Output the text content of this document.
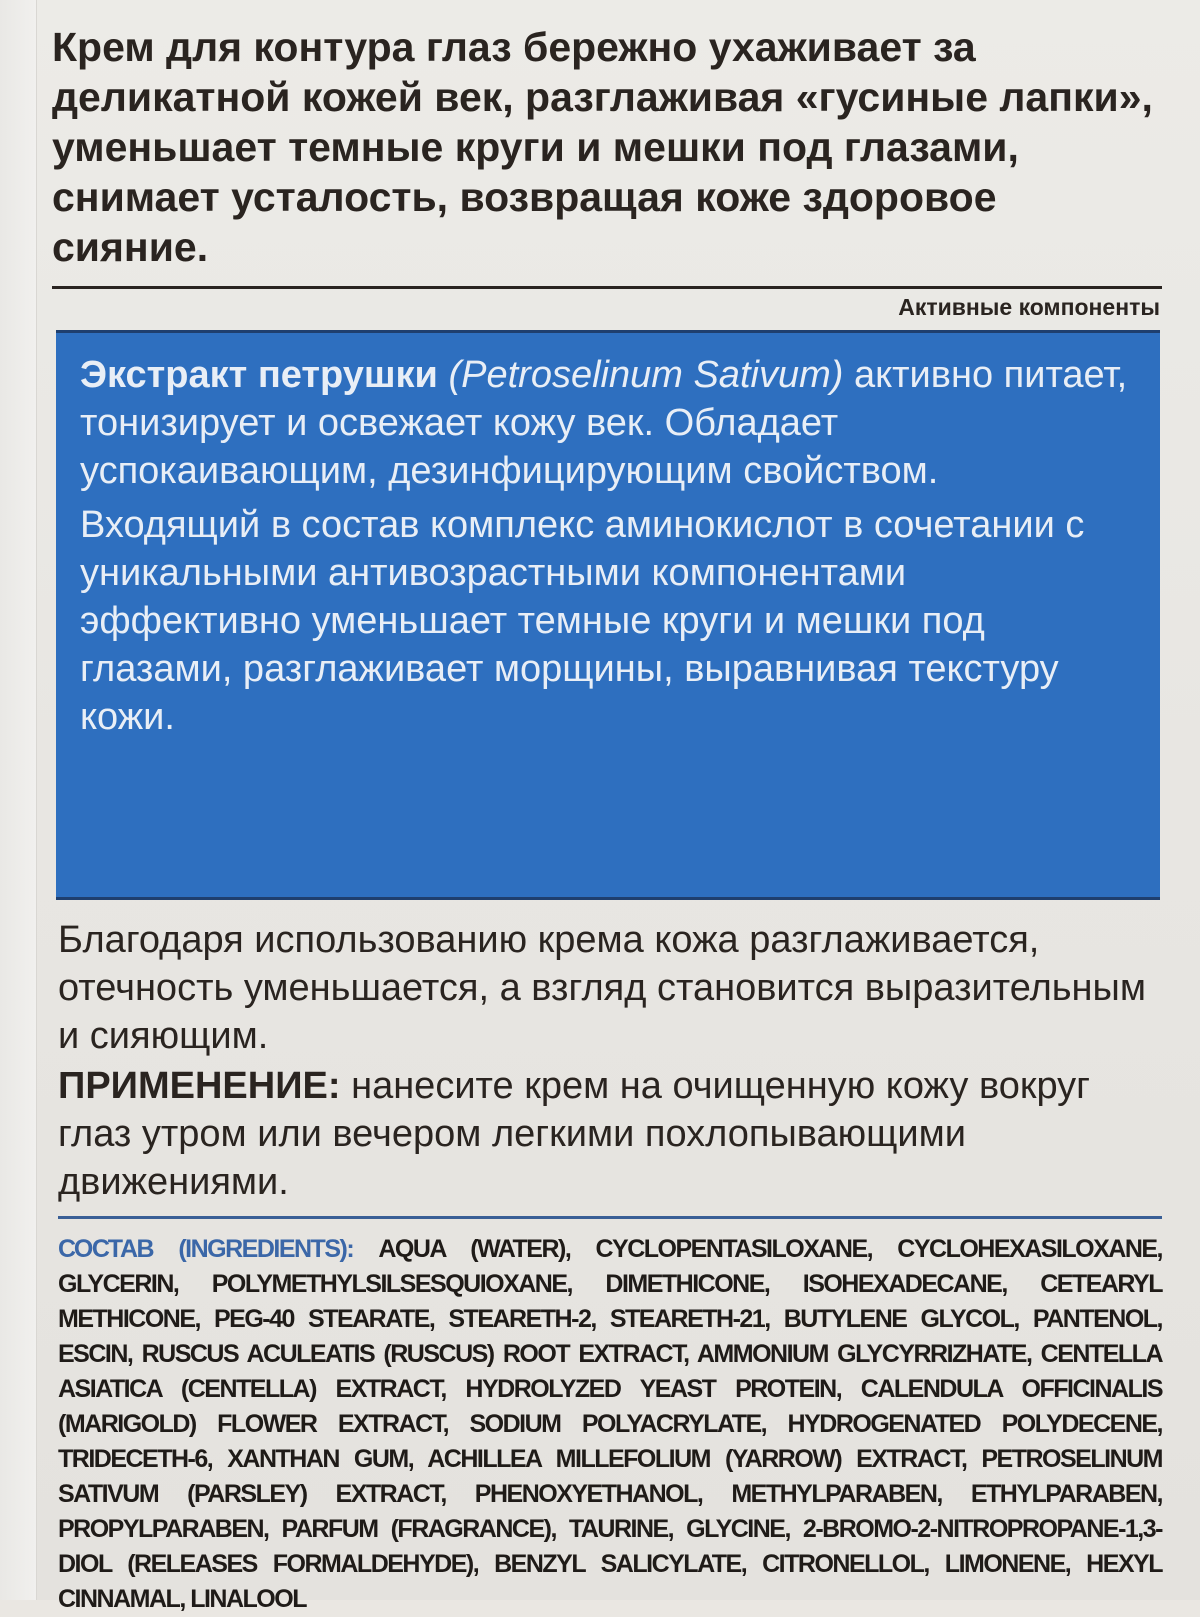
Крем для контура глаз бережно ухаживает за деликатной кожей век, разглаживая «гусиные лапки», уменьшает темные круги и мешки под глазами, снимает усталость, возвращая коже здоровое сияние.

Активные компоненты

Экстракт петрушки (Petroselinum Sativum) активно питает, тонизирует и освежает кожу век. Обладает успокаивающим, дезинфицирующим свойством.

Входящий в состав комплекс аминокислот в сочетании с уникальными антивозрастными компонентами эффективно уменьшает темные круги и мешки под глазами, разглаживает морщины, выравнивая текстуру кожи.

Благодаря использованию крема кожа разглаживается, отечность уменьшается, а взгляд становится выразительным и сияющим.

ПРИМЕНЕНИЕ: нанесите крем на очищенную кожу вокруг глаз утром или вечером легкими похлопывающими движениями.

СОСТАВ (INGREDIENTS): AQUA (WATER), CYCLOPENTASILOXANE, CYCLOHEXASILOXANE, GLYCERIN, POLYMETHYLSILSESQUIOXANE, DIMETHICONE, ISOHEXADECANE, CETEARYL METHICONE, PEG-40 STEARATE, STEARETH-2, STEARETH-21, BUTYLENE GLYCOL, PANTENOL, ESCIN, RUSCUS ACULEATIS (RUSCUS) ROOT EXTRACT, AMMONIUM GLYCYRRIZHATE, CENTELLA ASIATICA (CENTELLA) EXTRACT, HYDROLYZED YEAST PROTEIN, CALENDULA OFFICINALIS (MARIGOLD) FLOWER EXTRACT, SODIUM POLYACRYLATE, HYDROGENATED POLYDECENE, TRIDECETH-6, XANTHAN GUM, ACHILLEA MILLEFOLIUM (YARROW) EXTRACT, PETROSELINUM SATIVUM (PARSLEY) EXTRACT, PHENOXYETHANOL, METHYLPARABEN, ETHYLPARABEN, PROPYLPARABEN, PARFUM (FRAGRANCE), TAURINE, GLYCINE, 2-BROMO-2-NITROPROPANE-1,3-DIOL (RELEASES FORMALDEHYDE), BENZYL SALICYLATE, CITRONELLOL, LIMONENE, HEXYL CINNAMAL, LINALOOL
